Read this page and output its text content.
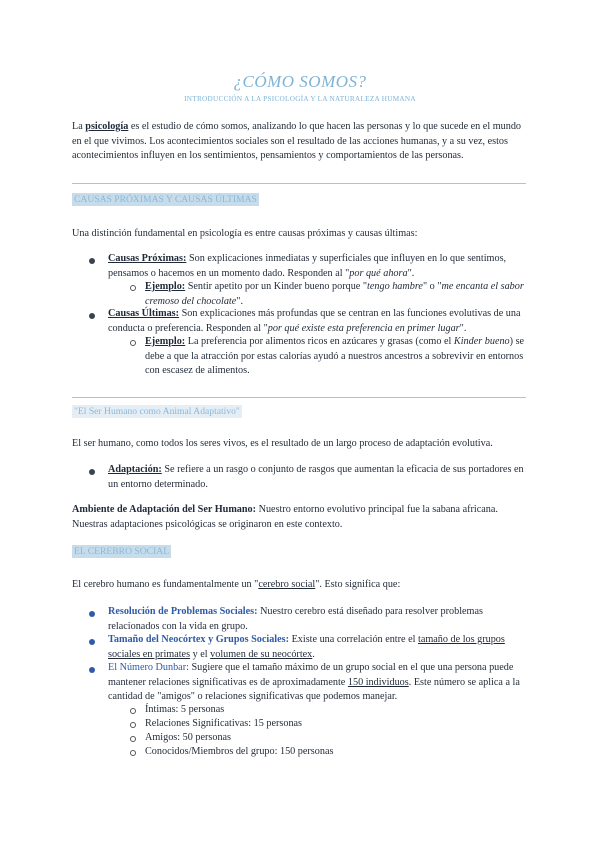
¿CÓMO SOMOS?
INTRODUCCIÓN A LA PSICOLOGÍA Y LA NATURALEZA HUMANA
La psicología es el estudio de cómo somos, analizando lo que hacen las personas y lo que sucede en el mundo en el que vivimos. Los acontecimientos sociales son el resultado de las acciones humanas, y a su vez, estos acontecimientos influyen en los sentimientos, pensamientos y comportamientos de las personas.
CAUSAS PRÓXIMAS Y CAUSAS ÚLTIMAS
Una distinción fundamental en psicología es entre causas próximas y causas últimas:
Causas Próximas: Son explicaciones inmediatas y superficiales que influyen en lo que sentimos, pensamos o hacemos en un momento dado. Responden al "por qué ahora".
Ejemplo: Sentir apetito por un Kinder bueno porque "tengo hambre" o "me encanta el sabor cremoso del chocolate".
Causas Últimas: Son explicaciones más profundas que se centran en las funciones evolutivas de una conducta o preferencia. Responden al "por qué existe esta preferencia en primer lugar".
Ejemplo: La preferencia por alimentos ricos en azúcares y grasas (como el Kinder bueno) se debe a que la atracción por estas calorías ayudó a nuestros ancestros a sobrevivir en entornos con escasez de alimentos.
"El Ser Humano como Animal Adaptativo"
El ser humano, como todos los seres vivos, es el resultado de un largo proceso de adaptación evolutiva.
Adaptación: Se refiere a un rasgo o conjunto de rasgos que aumentan la eficacia de sus portadores en un entorno determinado.
Ambiente de Adaptación del Ser Humano: Nuestro entorno evolutivo principal fue la sabana africana. Nuestras adaptaciones psicológicas se originaron en este contexto.
EL CEREBRO SOCIAL
El cerebro humano es fundamentalmente un "cerebro social". Esto significa que:
Resolución de Problemas Sociales: Nuestro cerebro está diseñado para resolver problemas relacionados con la vida en grupo.
Tamaño del Neocórtex y Grupos Sociales: Existe una correlación entre el tamaño de los grupos sociales en primates y el volumen de su neocórtex.
El Número Dunbar: Sugiere que el tamaño máximo de un grupo social en el que una persona puede mantener relaciones significativas es de aproximadamente 150 individuos. Este número se aplica a la cantidad de "amigos" o relaciones significativas que podemos manejar.
Íntimas: 5 personas
Relaciones Significativas: 15 personas
Amigos: 50 personas
Conocidos/Miembros del grupo: 150 personas
